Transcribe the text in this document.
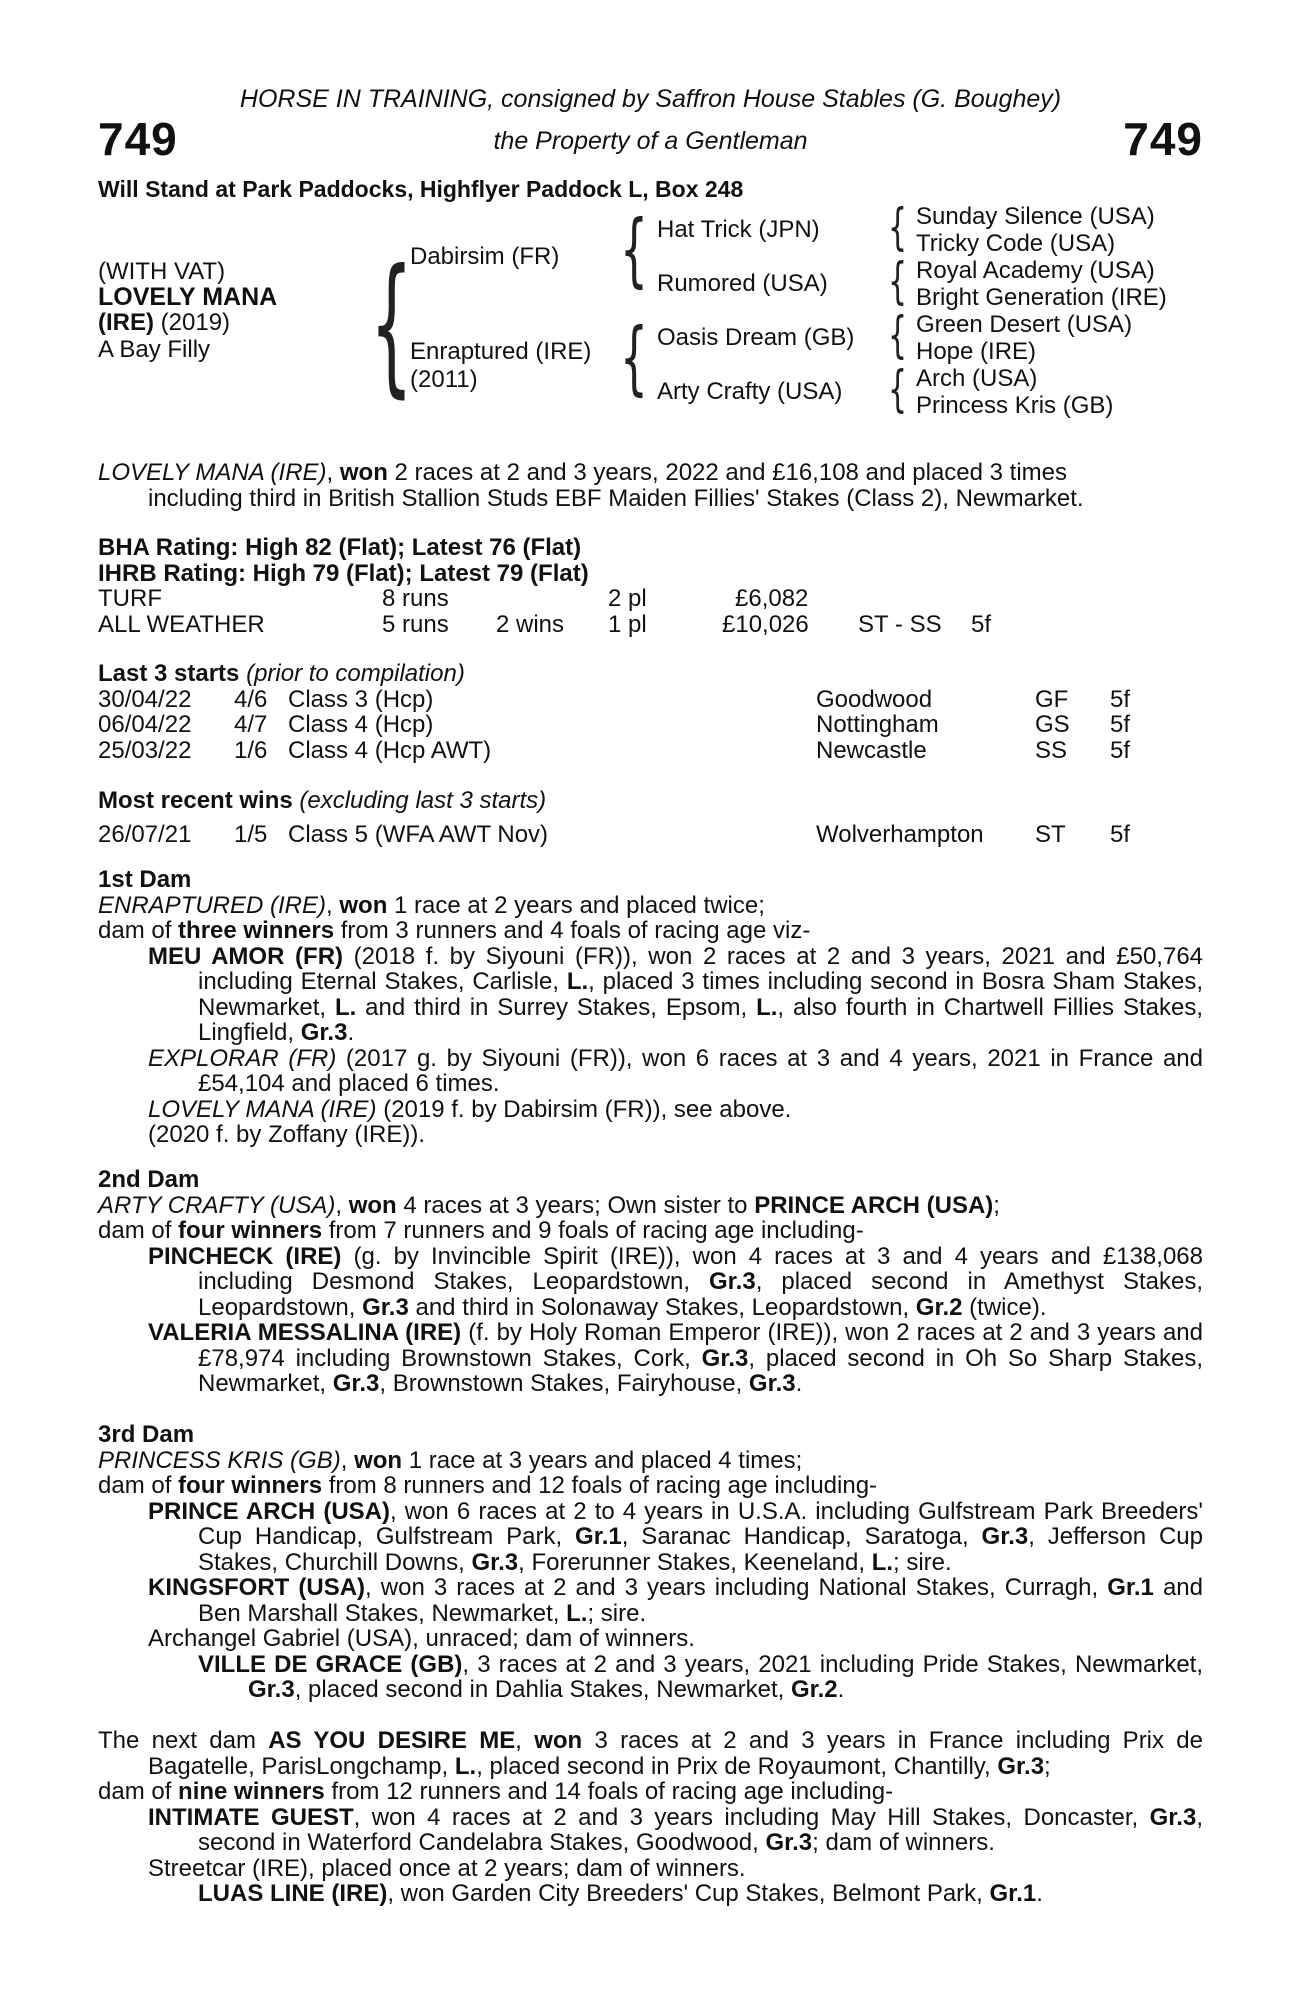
HORSE IN TRAINING, consigned by Saffron House Stables (G. Boughey)
749	the Property of a Gentleman	749
Will Stand at Park Paddocks, Highflyer Paddock L, Box 248
(WITH VAT)
LOVELY MANA
(IRE) (2019)
A Bay Filly {
Dabirsim (FR)
Enraptured (IRE)
(2011)
{
{
Hat Trick (JPN)
Rumored (USA)
Oasis Dream (GB)
Arty Crafty (USA)
{
{
{
{
Sunday Silence (USA)
Tricky Code (USA)
Royal Academy (USA)
Bright Generation (IRE)
Green Desert (USA)
Hope (IRE)
Arch (USA)
Princess Kris (GB)
LOVELY MANA (IRE), won 2 races at 2 and 3 years, 2022 and £16,108 and placed 3 times
including third in British Stallion Studs EBF Maiden Fillies' Stakes (Class 2), Newmarket.
BHA Rating: High 82 (Flat); Latest 76 (Flat)
IHRB Rating: High 79 (Flat); Latest 79 (Flat)
TURF	8 runs	2 pl	£6,082
ALL WEATHER	5 runs 2 wins 1 pl	£10,026 ST - SS 5f
Last 3 starts (prior to compilation)
30/04/22 4/6 Class 3 (Hcp)	Goodwood	GF 5f
06/04/22 4/7 Class 4 (Hcp)	Nottingham	GS 5f
25/03/22 1/6 Class 4 (Hcp AWT)	Newcastle	SS 5f
Most recent wins (excluding last 3 starts)
26/07/21 1/5 Class 5 (WFA AWT Nov)	Wolverhampton ST 5f
1st Dam
ENRAPTURED (IRE), won 1 race at 2 years and placed twice;
dam of three winners from 3 runners and 4 foals of racing age viz-
MEU AMOR (FR) (2018 f. by Siyouni (FR)), won 2 races at 2 and 3 years, 2021 and £50,764 including Eternal Stakes, Carlisle, L., placed 3 times including second in Bosra Sham Stakes, Newmarket, L. and third in Surrey Stakes, Epsom, L., also fourth in Chartwell Fillies Stakes, Lingfield, Gr.3.
EXPLORAR (FR) (2017 g. by Siyouni (FR)), won 6 races at 3 and 4 years, 2021 in France and £54,104 and placed 6 times.
LOVELY MANA (IRE) (2019 f. by Dabirsim (FR)), see above.
(2020 f. by Zoffany (IRE)).
2nd Dam
ARTY CRAFTY (USA), won 4 races at 3 years; Own sister to PRINCE ARCH (USA);
dam of four winners from 7 runners and 9 foals of racing age including-
PINCHECK (IRE) (g. by Invincible Spirit (IRE)), won 4 races at 3 and 4 years and £138,068 including Desmond Stakes, Leopardstown, Gr.3, placed second in Amethyst Stakes, Leopardstown, Gr.3 and third in Solonaway Stakes, Leopardstown, Gr.2 (twice).
VALERIA MESSALINA (IRE) (f. by Holy Roman Emperor (IRE)), won 2 races at 2 and 3 years and £78,974 including Brownstown Stakes, Cork, Gr.3, placed second in Oh So Sharp Stakes, Newmarket, Gr.3, Brownstown Stakes, Fairyhouse, Gr.3.
3rd Dam
PRINCESS KRIS (GB), won 1 race at 3 years and placed 4 times;
dam of four winners from 8 runners and 12 foals of racing age including-
PRINCE ARCH (USA), won 6 races at 2 to 4 years in U.S.A. including Gulfstream Park Breeders' Cup Handicap, Gulfstream Park, Gr.1, Saranac Handicap, Saratoga, Gr.3, Jefferson Cup Stakes, Churchill Downs, Gr.3, Forerunner Stakes, Keeneland, L.; sire.
KINGSFORT (USA), won 3 races at 2 and 3 years including National Stakes, Curragh, Gr.1 and Ben Marshall Stakes, Newmarket, L.; sire.
Archangel Gabriel (USA), unraced; dam of winners.
VILLE DE GRACE (GB), 3 races at 2 and 3 years, 2021 including Pride Stakes, Newmarket, Gr.3, placed second in Dahlia Stakes, Newmarket, Gr.2.
The next dam AS YOU DESIRE ME, won 3 races at 2 and 3 years in France including Prix de Bagatelle, ParisLongchamp, L., placed second in Prix de Royaumont, Chantilly, Gr.3;
dam of nine winners from 12 runners and 14 foals of racing age including-
INTIMATE GUEST, won 4 races at 2 and 3 years including May Hill Stakes, Doncaster, Gr.3, second in Waterford Candelabra Stakes, Goodwood, Gr.3; dam of winners.
Streetcar (IRE), placed once at 2 years; dam of winners.
LUAS LINE (IRE), won Garden City Breeders' Cup Stakes, Belmont Park, Gr.1.
